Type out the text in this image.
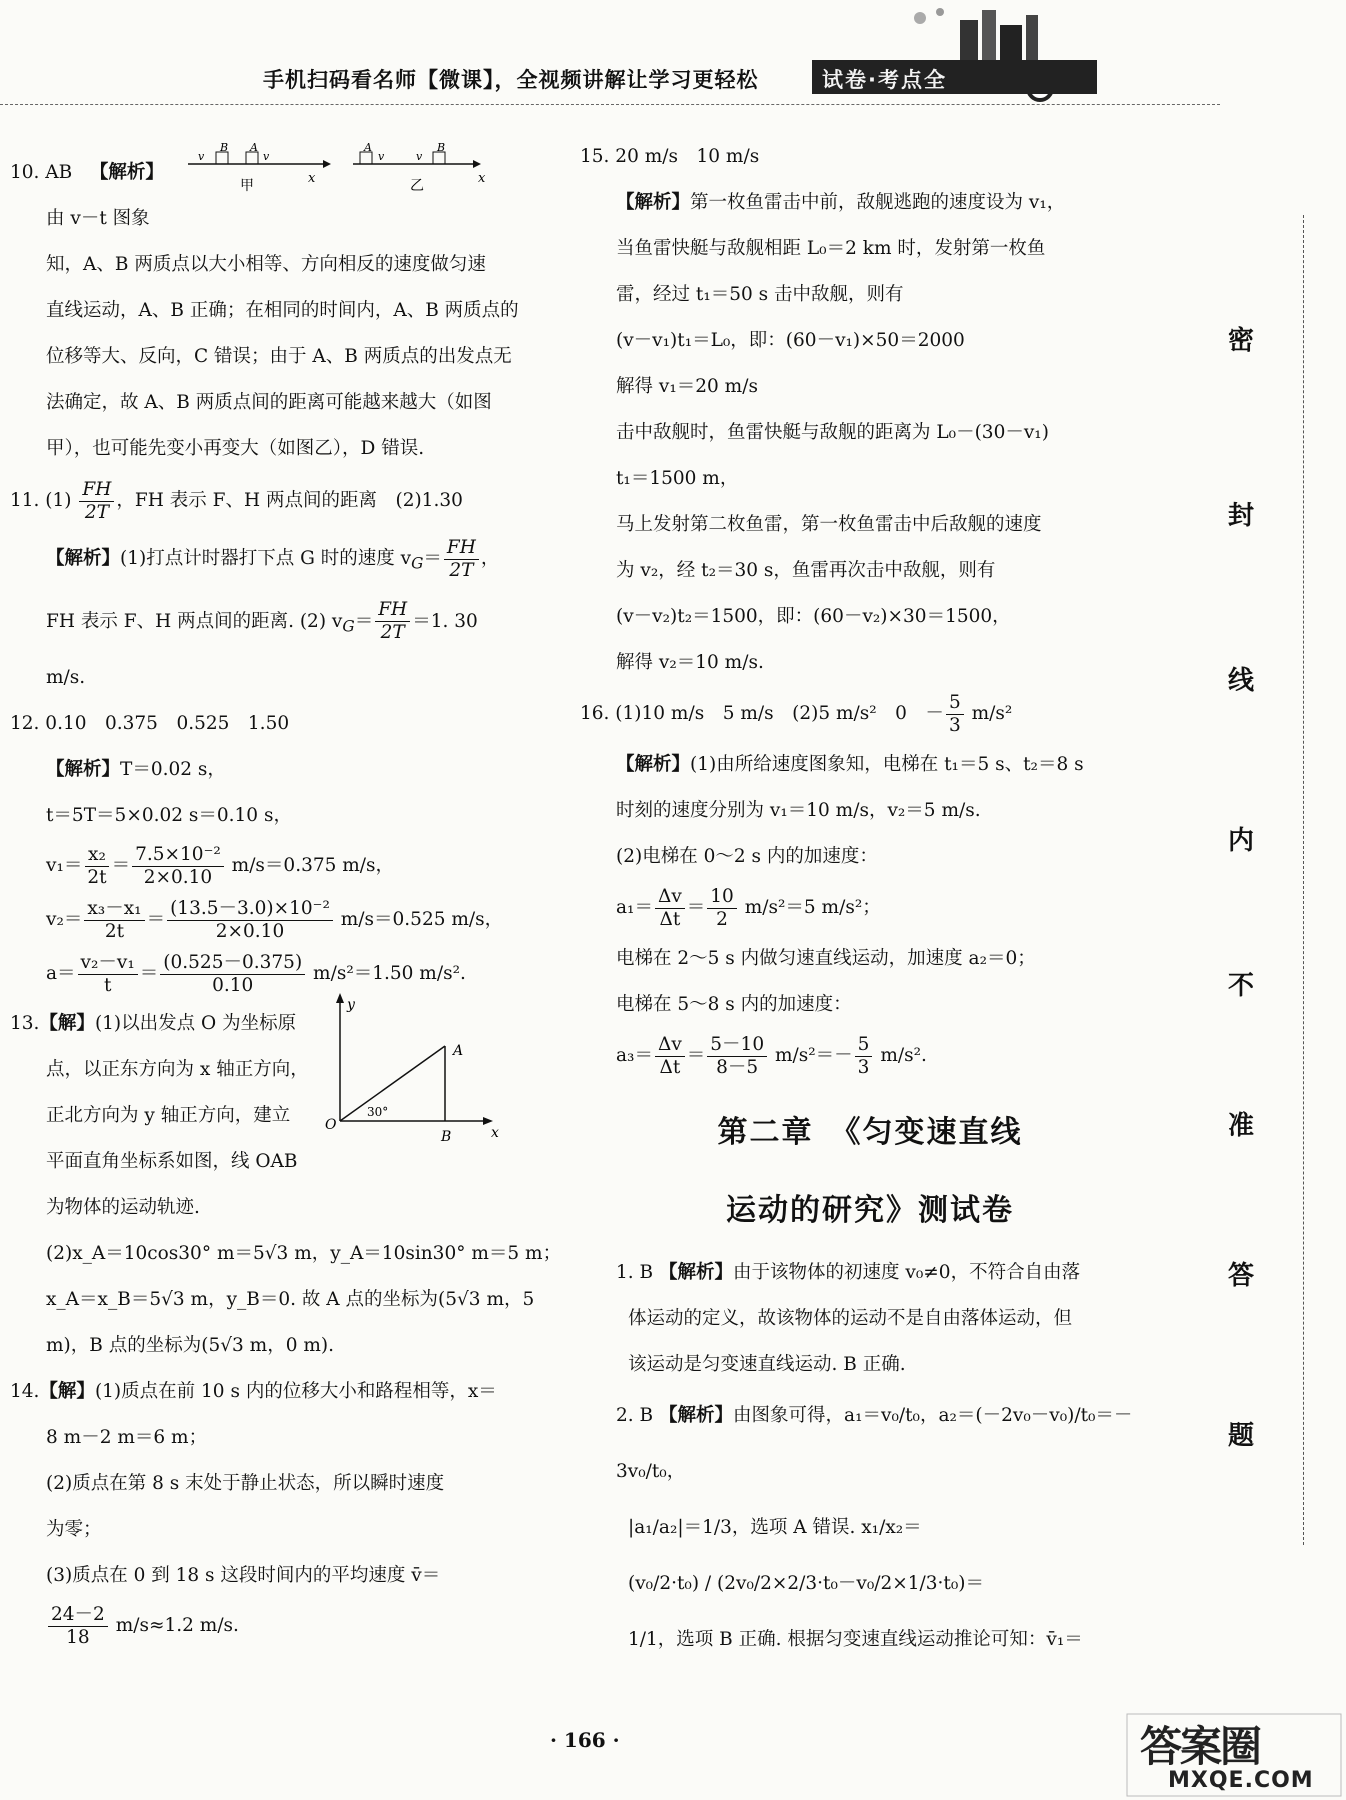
手机扫码看名师【微课】，全视频讲解让学习更轻松	试卷·考点全
10. AB 【解析】
v
B A
v
x
甲
A
v	v
B
x
乙
由 v－t 图象
知，A、B 两质点以大小相等、方向相反的速度做匀速
直线运动，A、B 正确；在相同的时间内，A、B 两质点的
位移等大、反向，C 错误；由于 A、B 两质点的出发点无
法确定，故 A、B 两质点间的距离可能越来越大（如图
甲），也可能先变小再变大（如图乙），D 错误.
11. $(1) \frac{FH}{2T}$ ，FH 表示 F、H 两点间的距离　(2)1.30
【解析】(1)打点计时器打下点 G 时的速度 $v_G= \frac{FH}{2T}$ ，
FH 表示 F、H 两点间的距离. (2) $v_G= \frac{FH}{2T} =1$. 30
m/s.
12. 0.10　0.375　0.525　1.50
【解析】T＝0.02 s，
t＝5T＝5×0.02 s＝0.10 s，
$v_1= \frac{\text{x₂}}{2t} = \frac{\text{7.5×10⁻²}}{2\times 0.10} m/s=0.375$ m/s，
$v_2= \frac{\text{x₃－x₁}}{2t} = \frac{\text{(13.5－3.0)×10⁻²}}{2\times 0.10} m/s=0.525$ m/s，
$a= \frac{\text{v₂－v₁}}{t} = \frac{(0.525-0.375)}{0.10} m/s^2=1.50$ m/s².
13.【解】(1)以出发点 O 为坐标原
点，以正东方向为 x 轴正方向，
正北方向为 y 轴正方向，建立
平面直角坐标系如图，线 OAB
为物体的运动轨迹.
y
x
O
A
B
30°
(2)x_A＝10cos30° m＝5√3 m，y_A＝10sin30° m＝5 m；
x_A＝x_B＝5√3 m，y_B＝0. 故 A 点的坐标为(5√3 m，5
m)，B 点的坐标为(5√3 m，0 m).
14.【解】(1)质点在前 10 s 内的位移大小和路程相等，x＝
8 m－2 m＝6 m；
(2)质点在第 8 s 末处于静止状态，所以瞬时速度
为零；
(3)质点在 0 到 18 s 这段时间内的平均速度 v̄＝
$\frac{24-2}{18} m/s\approx 1.2$ m/s.
15. 20 m/s　10 m/s
【解析】第一枚鱼雷击中前，敌舰逃跑的速度设为 v₁，
当鱼雷快艇与敌舰相距 L₀＝2 km 时，发射第一枚鱼
雷，经过 t₁＝50 s 击中敌舰，则有
(v－v₁)t₁＝L₀，即：(60－v₁)×50＝2000
解得 v₁＝20 m/s
击中敌舰时，鱼雷快艇与敌舰的距离为 L₀－(30－v₁)
t₁＝1500 m，
马上发射第二枚鱼雷，第一枚鱼雷击中后敌舰的速度
为 v₂，经 t₂＝30 s，鱼雷再次击中敌舰，则有
(v－v₂)t₂＝1500，即：(60－v₂)×30＝1500，
解得 v₂＝10 m/s.
16. (1)10 m/s　5 m/s　(2)5 m/s²　0　－ $\frac{5}{3} m/s^2$
【解析】(1)由所给速度图象知，电梯在 t₁＝5 s、t₂＝8 s
时刻的速度分别为 v₁＝10 m/s，v₂＝5 m/s.
(2)电梯在 0～2 s 内的加速度：
$a_1= \frac{\Delta v}{\Delta t} = \frac{10}{2} m/s^2=5$ m/s²；
电梯在 2～5 s 内做匀速直线运动，加速度 a₂＝0；
电梯在 5～8 s 内的加速度：
$a_3= \frac{\Delta v}{\Delta t} = \frac{5-10}{8-5} m/s^2=- \frac{5}{3} m/s^2$.
第二章　《匀变速直线
运动的研究》测试卷
1. B 【解析】由于该物体的初速度 v₀≠0，不符合自由落
体运动的定义，故该物体的运动不是自由落体运动，但
该运动是匀变速直线运动. B 正确.
2. B 【解析】由图象可得，a₁＝v₀/t₀，a₂＝(－2v₀－v₀)/t₀＝－3v₀/t₀，
|a₁/a₂|＝1/3，选项 A 错误. x₁/x₂＝
(v₀/2·t₀) / (2v₀/2×2/3·t₀－v₀/2×1/3·t₀)＝
1/1，选项 B 正确. 根据匀变速直线运动推论可知：v̄₁＝
密
封
线
内
不
准
答
题
· 166 ·	答案圈
MXQE.COM
